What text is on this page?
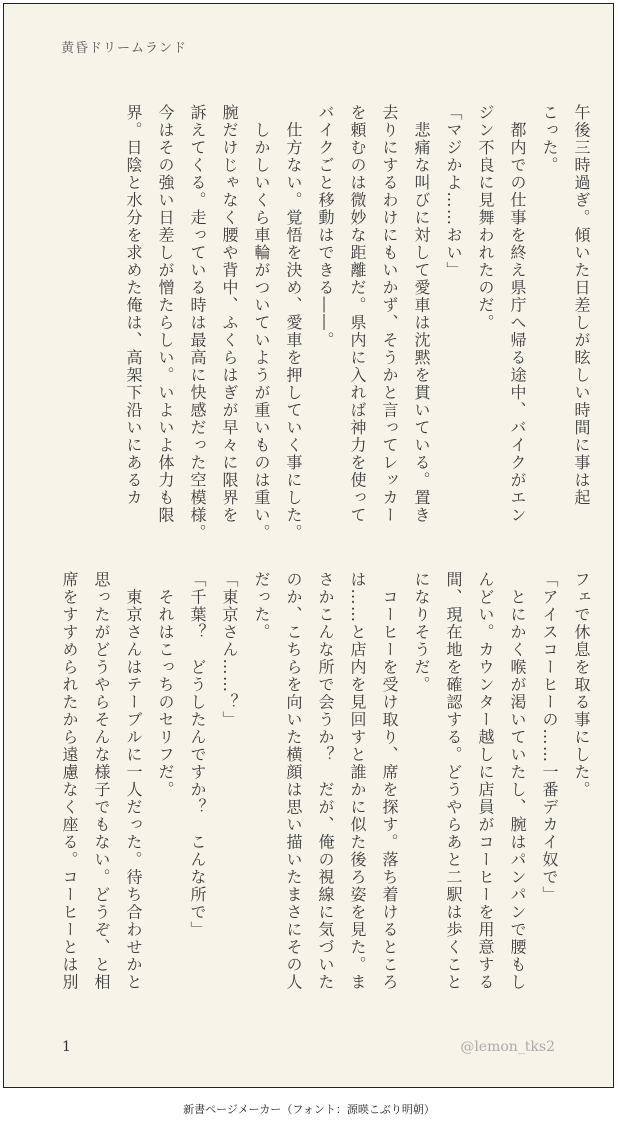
黄昏ドリームランド
午後三時過ぎ。傾いた日差しが眩しい時間に事は起
こった。
　都内での仕事を終え県庁へ帰る途中、バイクがエン
ジン不良に見舞われたのだ。
「マジかよ……おい」
　悲痛な叫びに対して愛車は沈黙を貫いている。置き
去りにするわけにもいかず、そうかと言ってレッカー
を頼むのは微妙な距離だ。県内に入れば神力を使って
バイクごと移動はできる――。
　仕方ない。覚悟を決め、愛車を押していく事にした。
　しかしいくら車輪がついていようが重いものは重い。
腕だけじゃなく腰や背中、ふくらはぎが早々に限界を
訴えてくる。走っている時は最高に快感だった空模様。
今はその強い日差しが憎たらしい。いよいよ体力も限
界。日陰と水分を求めた俺は、高架下沿いにあるカ
フェで休息を取る事にした。
「アイスコーヒーの……一番デカイ奴で」
　とにかく喉が渇いていたし、腕はパンパンで腰もし
んどい。カウンター越しに店員がコーヒーを用意する
間、現在地を確認する。どうやらあと二駅は歩くこと
になりそうだ。
　コーヒーを受け取り、席を探す。落ち着けるところ
は……と店内を見回すと誰かに似た後ろ姿を見た。ま
さかこんな所で会うか？　だが、俺の視線に気づいた
のか、こちらを向いた横顔は思い描いたまさにその人
だった。
「東京さん……？」
「千葉？　どうしたんですか？　こんな所で」
　それはこっちのセリフだ。
　東京さんはテーブルに一人だった。待ち合わせかと
思ったがどうやらそんな様子でもない。どうぞ、と相
席をすすめられたから遠慮なく座る。コーヒーとは別
1	@lemon_tks2
新書ページメーカー（フォント：源暎こぶり明朝）
